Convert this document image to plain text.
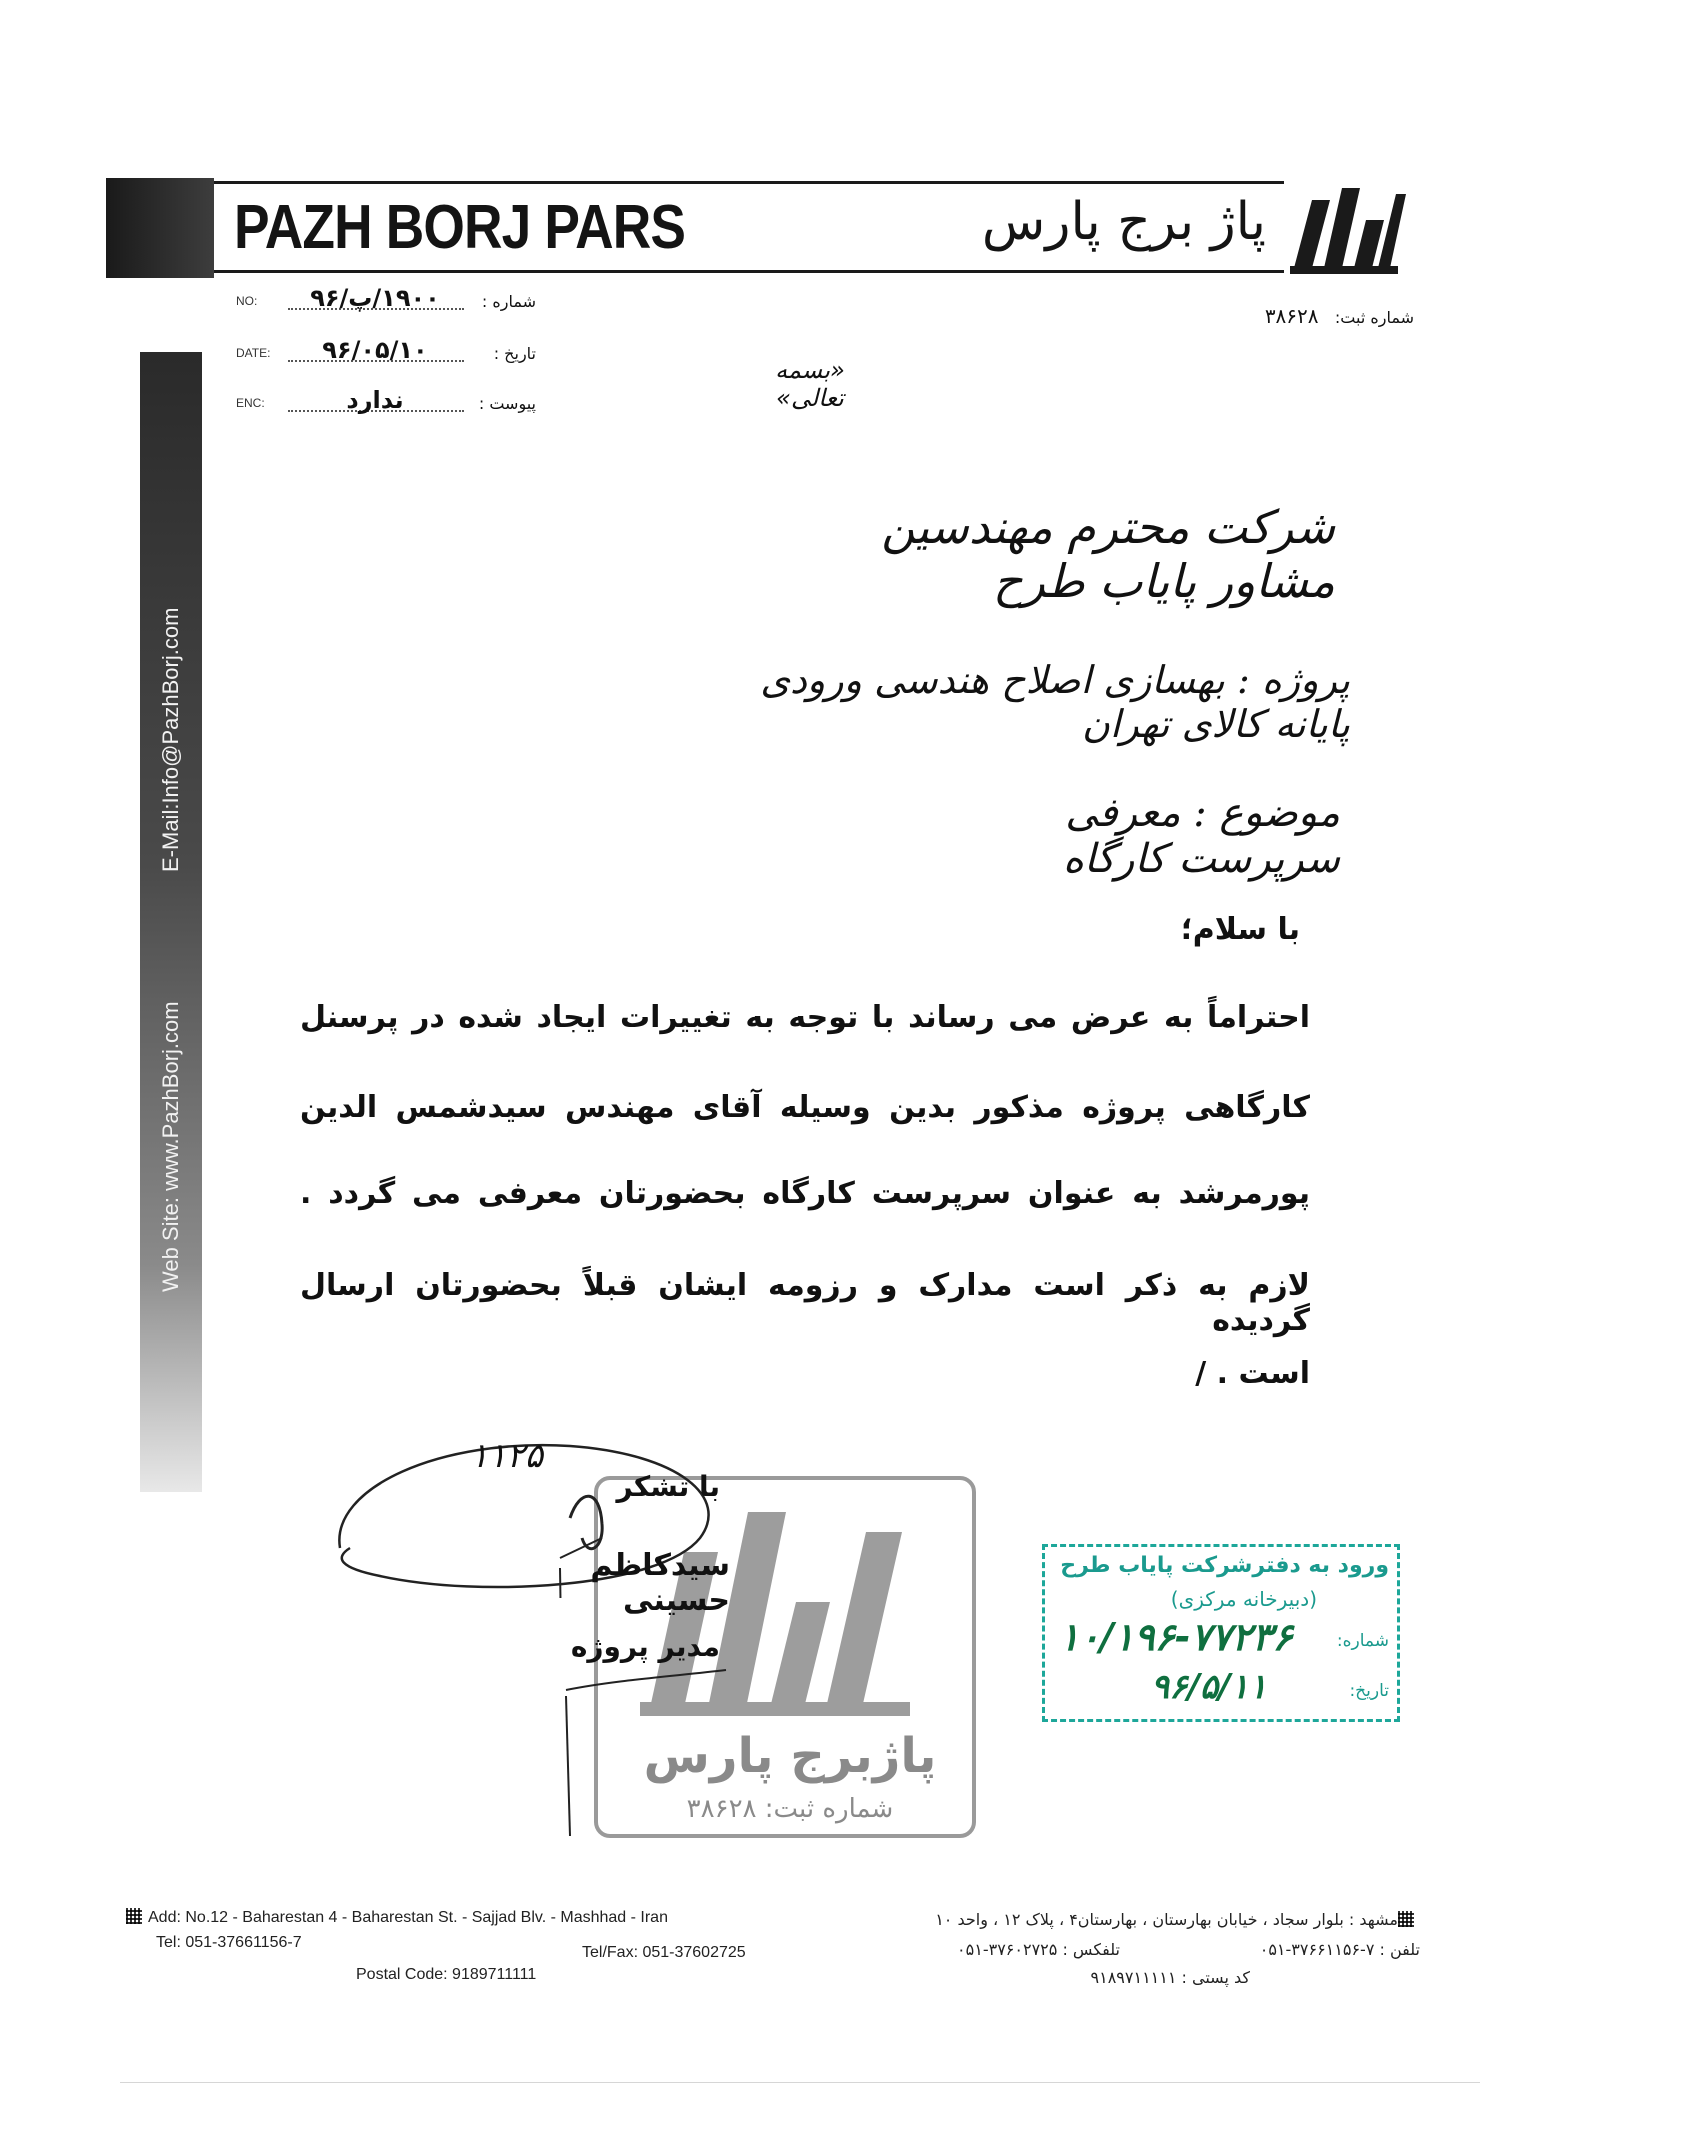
PAZH BORJ PARS	پاژ برج پارس
شماره ثبت: ۳۸۶۲۸
NO:	۱۹۰۰/پ/۹۶	شماره :
DATE:	۹۶/۰۵/۱۰	تاریخ :
ENC:	ندارد	پیوست :
E-Mail:Info@PazhBorj.com
Web Site: www.PazhBorj.com
«بسمه تعالی»
شرکت محترم مهندسین مشاور پایاب طرح
پروژه : بهسازی اصلاح هندسی ورودی پایانه کالای تهران
موضوع : معرفی سرپرست کارگاه
با سلام؛
احتراماً به عرض می رساند با توجه به تغییرات ایجاد شده در پرسنل
کارگاهی پروژه مذکور بدین وسیله آقای مهندس سیدشمس الدین
پورمرشد به عنوان سرپرست کارگاه بحضورتان معرفی می گردد .
لازم به ذکر است مدارک و رزومه ایشان قبلاً بحضورتان ارسال گردیده
است . /
پاژبرج پارس
شماره ثبت: ۳۸۶۲۸
۱۱۲۵
با تشکر
سیدکاظم حسینی
مدیر پروژه
ورود به دفترشرکت پایاب طرح
(دبیرخانه مرکزی)
شماره:
۱۰/۱۹۶-۷۷۲۳۶
تاریخ:
۹۶/۵/۱۱
Add: No.12 - Baharestan 4 - Baharestan St. - Sajjad Blv. - Mashhad - Iran
Tel: 051-37661156-7
Tel/Fax: 051-37602725
Postal Code: 9189711111
مشهد : بلوار سجاد ، خیابان بهارستان ، بهارستان۴ ، پلاک ۱۲ ، واحد ۱۰
تلفن : ۷-۳۷۶۶۱۱۵۶-۰۵۱
تلفکس : ۳۷۶۰۲۷۲۵-۰۵۱
کد پستی : ۹۱۸۹۷۱۱۱۱۱
